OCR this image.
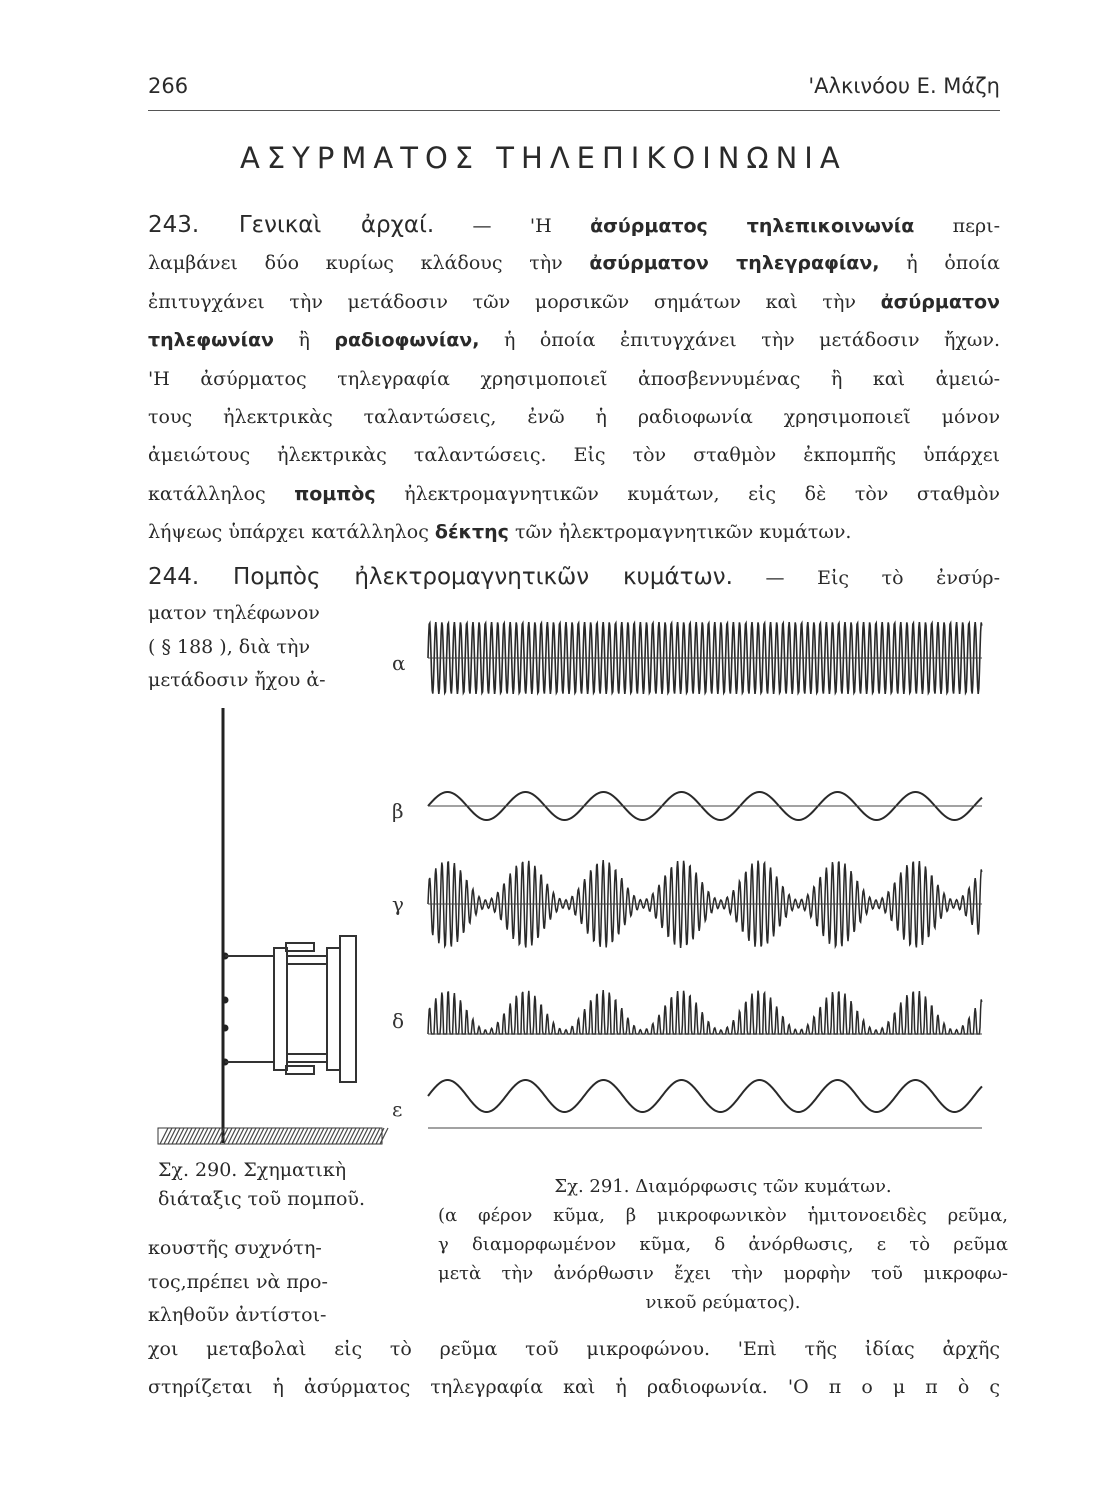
266	'Αλκινόου Ε. Μάζη
ΑΣΥΡΜΑΤΟΣ ΤΗΛΕΠΙΚΟΙΝΩΝΙΑ
243. Γενικαὶ ἀρχαί. — 'Η ἀσύρματος τηλεπικοινωνία περι-
λαμβάνει δύο κυρίως κλάδους τὴν ἀσύρματον τηλεγραφίαν, ἡ ὁποία
ἐπιτυγχάνει τὴν μετάδοσιν τῶν μορσικῶν σημάτων καὶ τὴν ἀσύρματον
τηλεφωνίαν ἢ ραδιοφωνίαν, ἡ ὁποία ἐπιτυγχάνει τὴν μετάδοσιν ἤχων.
'Η ἀσύρματος τηλεγραφία χρησιμοποιεῖ ἀποσβεννυμένας ἢ καὶ ἀμειώ-
τους ἠλεκτρικὰς ταλαντώσεις, ἐνῶ ἡ ραδιοφωνία χρησιμοποιεῖ μόνον
ἀμειώτους ἠλεκτρικὰς ταλαντώσεις. Εἰς τὸν σταθμὸν ἐκπομπῆς ὑπάρχει
κατάλληλος πομπὸς ἠλεκτρομαγνητικῶν κυμάτων, εἰς δὲ τὸν σταθμὸν
λήψεως ὑπάρχει κατάλληλος δέκτης τῶν ἠλεκτρομαγνητικῶν κυμάτων.
244. Πομπὸς ἠλεκτρομαγνητικῶν κυμάτων. — Εἰς τὸ ἐνσύρ-
ματον τηλέφωνον
( § 188 ), διὰ τὴν
μετάδοσιν ἤχου ἀ-
Σχ. 290. Σχηματικὴ
διάταξις τοῦ πομποῦ.
α
β
γ
δ
ε
Σχ. 291. Διαμόρφωσις τῶν κυμάτων.
(α φέρον κῦμα, β μικροφωνικὸν ἡμιτονοειδὲς ρεῦμα,
γ διαμορφωμένον κῦμα, δ ἀνόρθωσις, ε τὸ ρεῦμα
μετὰ τὴν ἀνόρθωσιν ἔχει τὴν μορφὴν τοῦ μικροφω-
νικοῦ ρεύματος).
κουστῆς συχνότη-
τος,πρέπει νὰ προ-
κληθοῦν ἀντίστοι-
χοι μεταβολαὶ εἰς τὸ ρεῦμα τοῦ μικροφώνου. 'Επὶ τῆς ἰδίας ἀρχῆς
στηρίζεται ἡ ἀσύρματος τηλεγραφία καὶ ἡ ραδιοφωνία. 'Ο π ο μ π ὸ ς
